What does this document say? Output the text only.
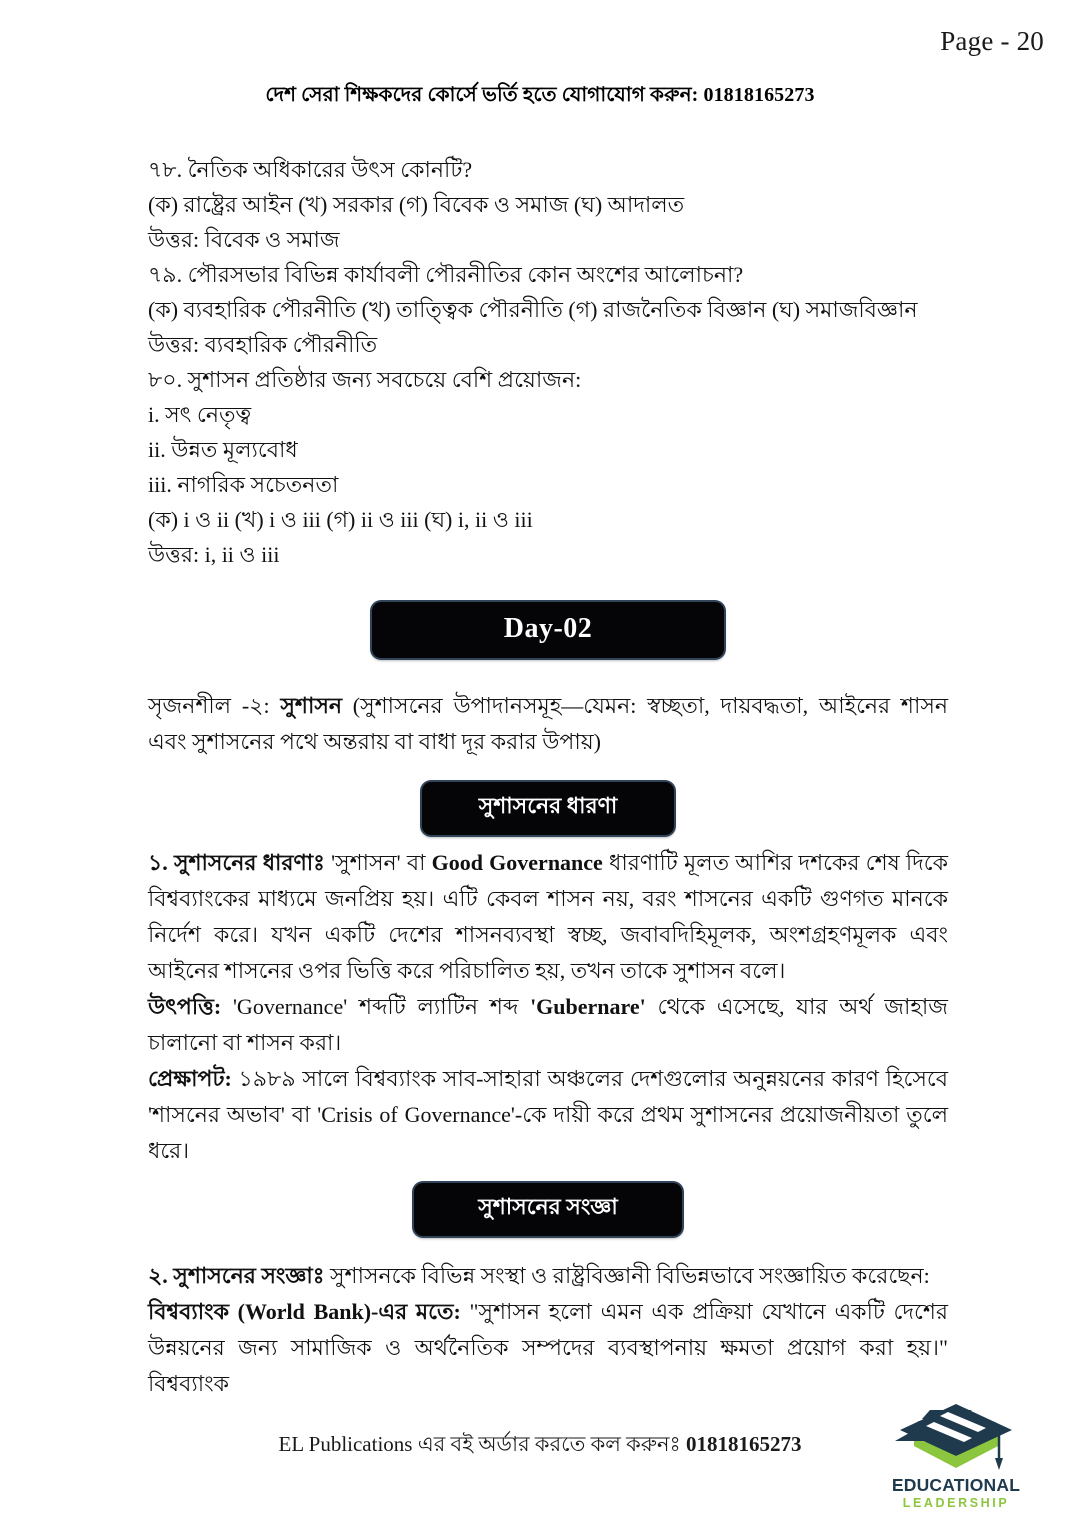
Page - 20
দেশ সেরা শিক্ষকদের কোর্সে ভর্তি হতে যোগাযোগ করুন: 01818165273
৭৮. নৈতিক অধিকারের উৎস কোনটি?
(ক) রাষ্ট্রের আইন (খ) সরকার (গ) বিবেক ও সমাজ (ঘ) আদালত
উত্তর: বিবেক ও সমাজ
৭৯. পৌরসভার বিভিন্ন কার্যাবলী পৌরনীতির কোন অংশের আলোচনা?
(ক) ব্যবহারিক পৌরনীতি (খ) তাত্ত্বিক পৌরনীতি (গ) রাজনৈতিক বিজ্ঞান (ঘ) সমাজবিজ্ঞান
উত্তর: ব্যবহারিক পৌরনীতি
৮০. সুশাসন প্রতিষ্ঠার জন্য সবচেয়ে বেশি প্রয়োজন:
i. সৎ নেতৃত্ব
ii. উন্নত মূল্যবোধ
iii. নাগরিক সচেতনতা
(ক) i ও ii (খ) i ও iii (গ) ii ও iii (ঘ) i, ii ও iii
উত্তর: i, ii ও iii
Day-02

সৃজনশীল -২: সুশাসন (সুশাসনের উপাদানসমূহ—যেমন: স্বচ্ছতা, দায়বদ্ধতা, আইনের শাসন এবং সুশাসনের পথে অন্তরায় বা বাধা দূর করার উপায়)

সুশাসনের ধারণা

১. সুশাসনের ধারণাঃ 'সুশাসন' বা Good Governance ধারণাটি মূলত আশির দশকের শেষ দিকে বিশ্বব্যাংকের মাধ্যমে জনপ্রিয় হয়। এটি কেবল শাসন নয়, বরং শাসনের একটি গুণগত মানকে নির্দেশ করে। যখন একটি দেশের শাসনব্যবস্থা স্বচ্ছ, জবাবদিহিমূলক, অংশগ্রহণমূলক এবং আইনের শাসনের ওপর ভিত্তি করে পরিচালিত হয়, তখন তাকে সুশাসন বলে।

উৎপত্তি: 'Governance' শব্দটি ল্যাটিন শব্দ 'Gubernare' থেকে এসেছে, যার অর্থ জাহাজ চালানো বা শাসন করা।

প্রেক্ষাপট: ১৯৮৯ সালে বিশ্বব্যাংক সাব-সাহারা অঞ্চলের দেশগুলোর অনুন্নয়নের কারণ হিসেবে 'শাসনের অভাব' বা 'Crisis of Governance'-কে দায়ী করে প্রথম সুশাসনের প্রয়োজনীয়তা তুলে ধরে।

সুশাসনের সংজ্ঞা

২. সুশাসনের সংজ্ঞাঃ সুশাসনকে বিভিন্ন সংস্থা ও রাষ্ট্রবিজ্ঞানী বিভিন্নভাবে সংজ্ঞায়িত করেছেন:

বিশ্বব্যাংক (World Bank)-এর মতে: "সুশাসন হলো এমন এক প্রক্রিয়া যেখানে একটি দেশের উন্নয়নের জন্য সামাজিক ও অর্থনৈতিক সম্পদের ব্যবস্থাপনায় ক্ষমতা প্রয়োগ করা হয়।" বিশ্বব্যাংক

EL Publications এর বই অর্ডার করতে কল করুনঃ 01818165273
EDUCATIONAL
LEADERSHIP
